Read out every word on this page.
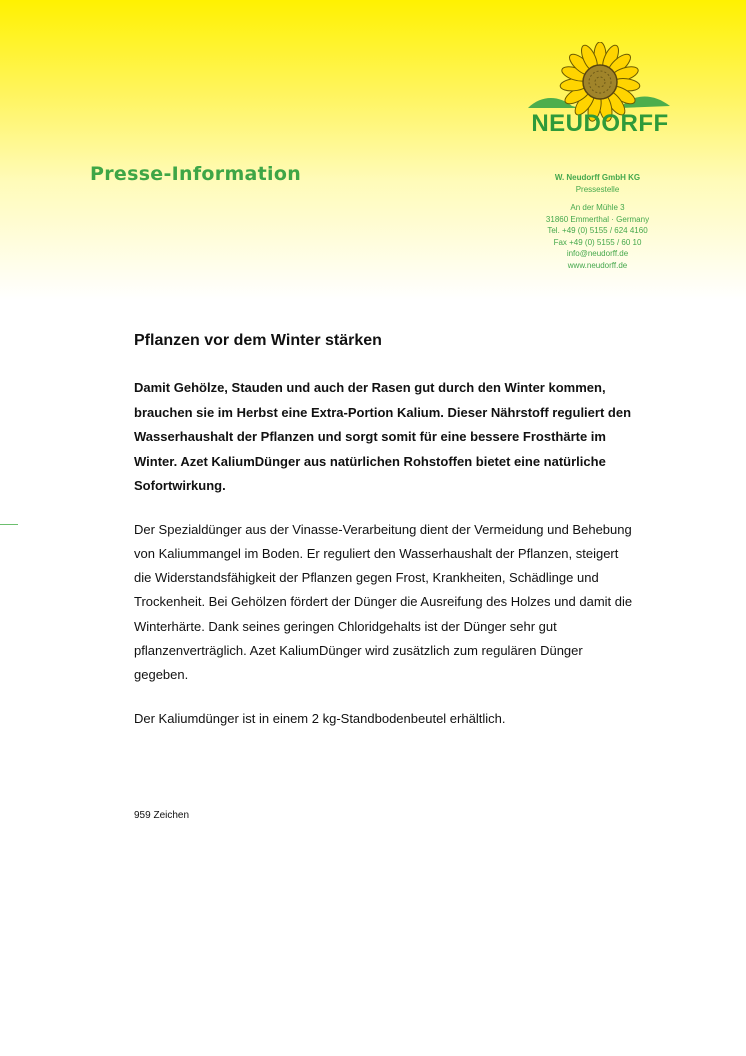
NEUDORFF
Presse-Information	W. Neudorff GmbH KG
Pressestelle
An der Mühle 3
31860 Emmerthal · Germany
Tel. +49 (0) 5155 / 624 4160
Fax +49 (0) 5155 / 60 10
info@neudorff.de
www.neudorff.de
Pflanzen vor dem Winter stärken

Damit Gehölze, Stauden und auch der Rasen gut durch den Winter kommen, brauchen sie im Herbst eine Extra-Portion Kalium. Dieser Nährstoff reguliert den Wasserhaushalt der Pflanzen und sorgt somit für eine bessere Frosthärte im Winter. Azet KaliumDünger aus natürlichen Rohstoffen bietet eine natürliche Sofortwirkung.

Der Spezialdünger aus der Vinasse-Verarbeitung dient der Vermeidung und Behebung von Kaliummangel im Boden. Er reguliert den Wasserhaushalt der Pflanzen, steigert die Widerstandsfähigkeit der Pflanzen gegen Frost, Krankheiten, Schädlinge und Trockenheit. Bei Gehölzen fördert der Dünger die Ausreifung des Holzes und damit die Winterhärte. Dank seines geringen Chloridgehalts ist der Dünger sehr gut pflanzenverträglich. Azet KaliumDünger wird zusätzlich zum regulären Dünger gegeben.

Der Kaliumdünger ist in einem 2 kg-Standbodenbeutel erhältlich.

959 Zeichen
